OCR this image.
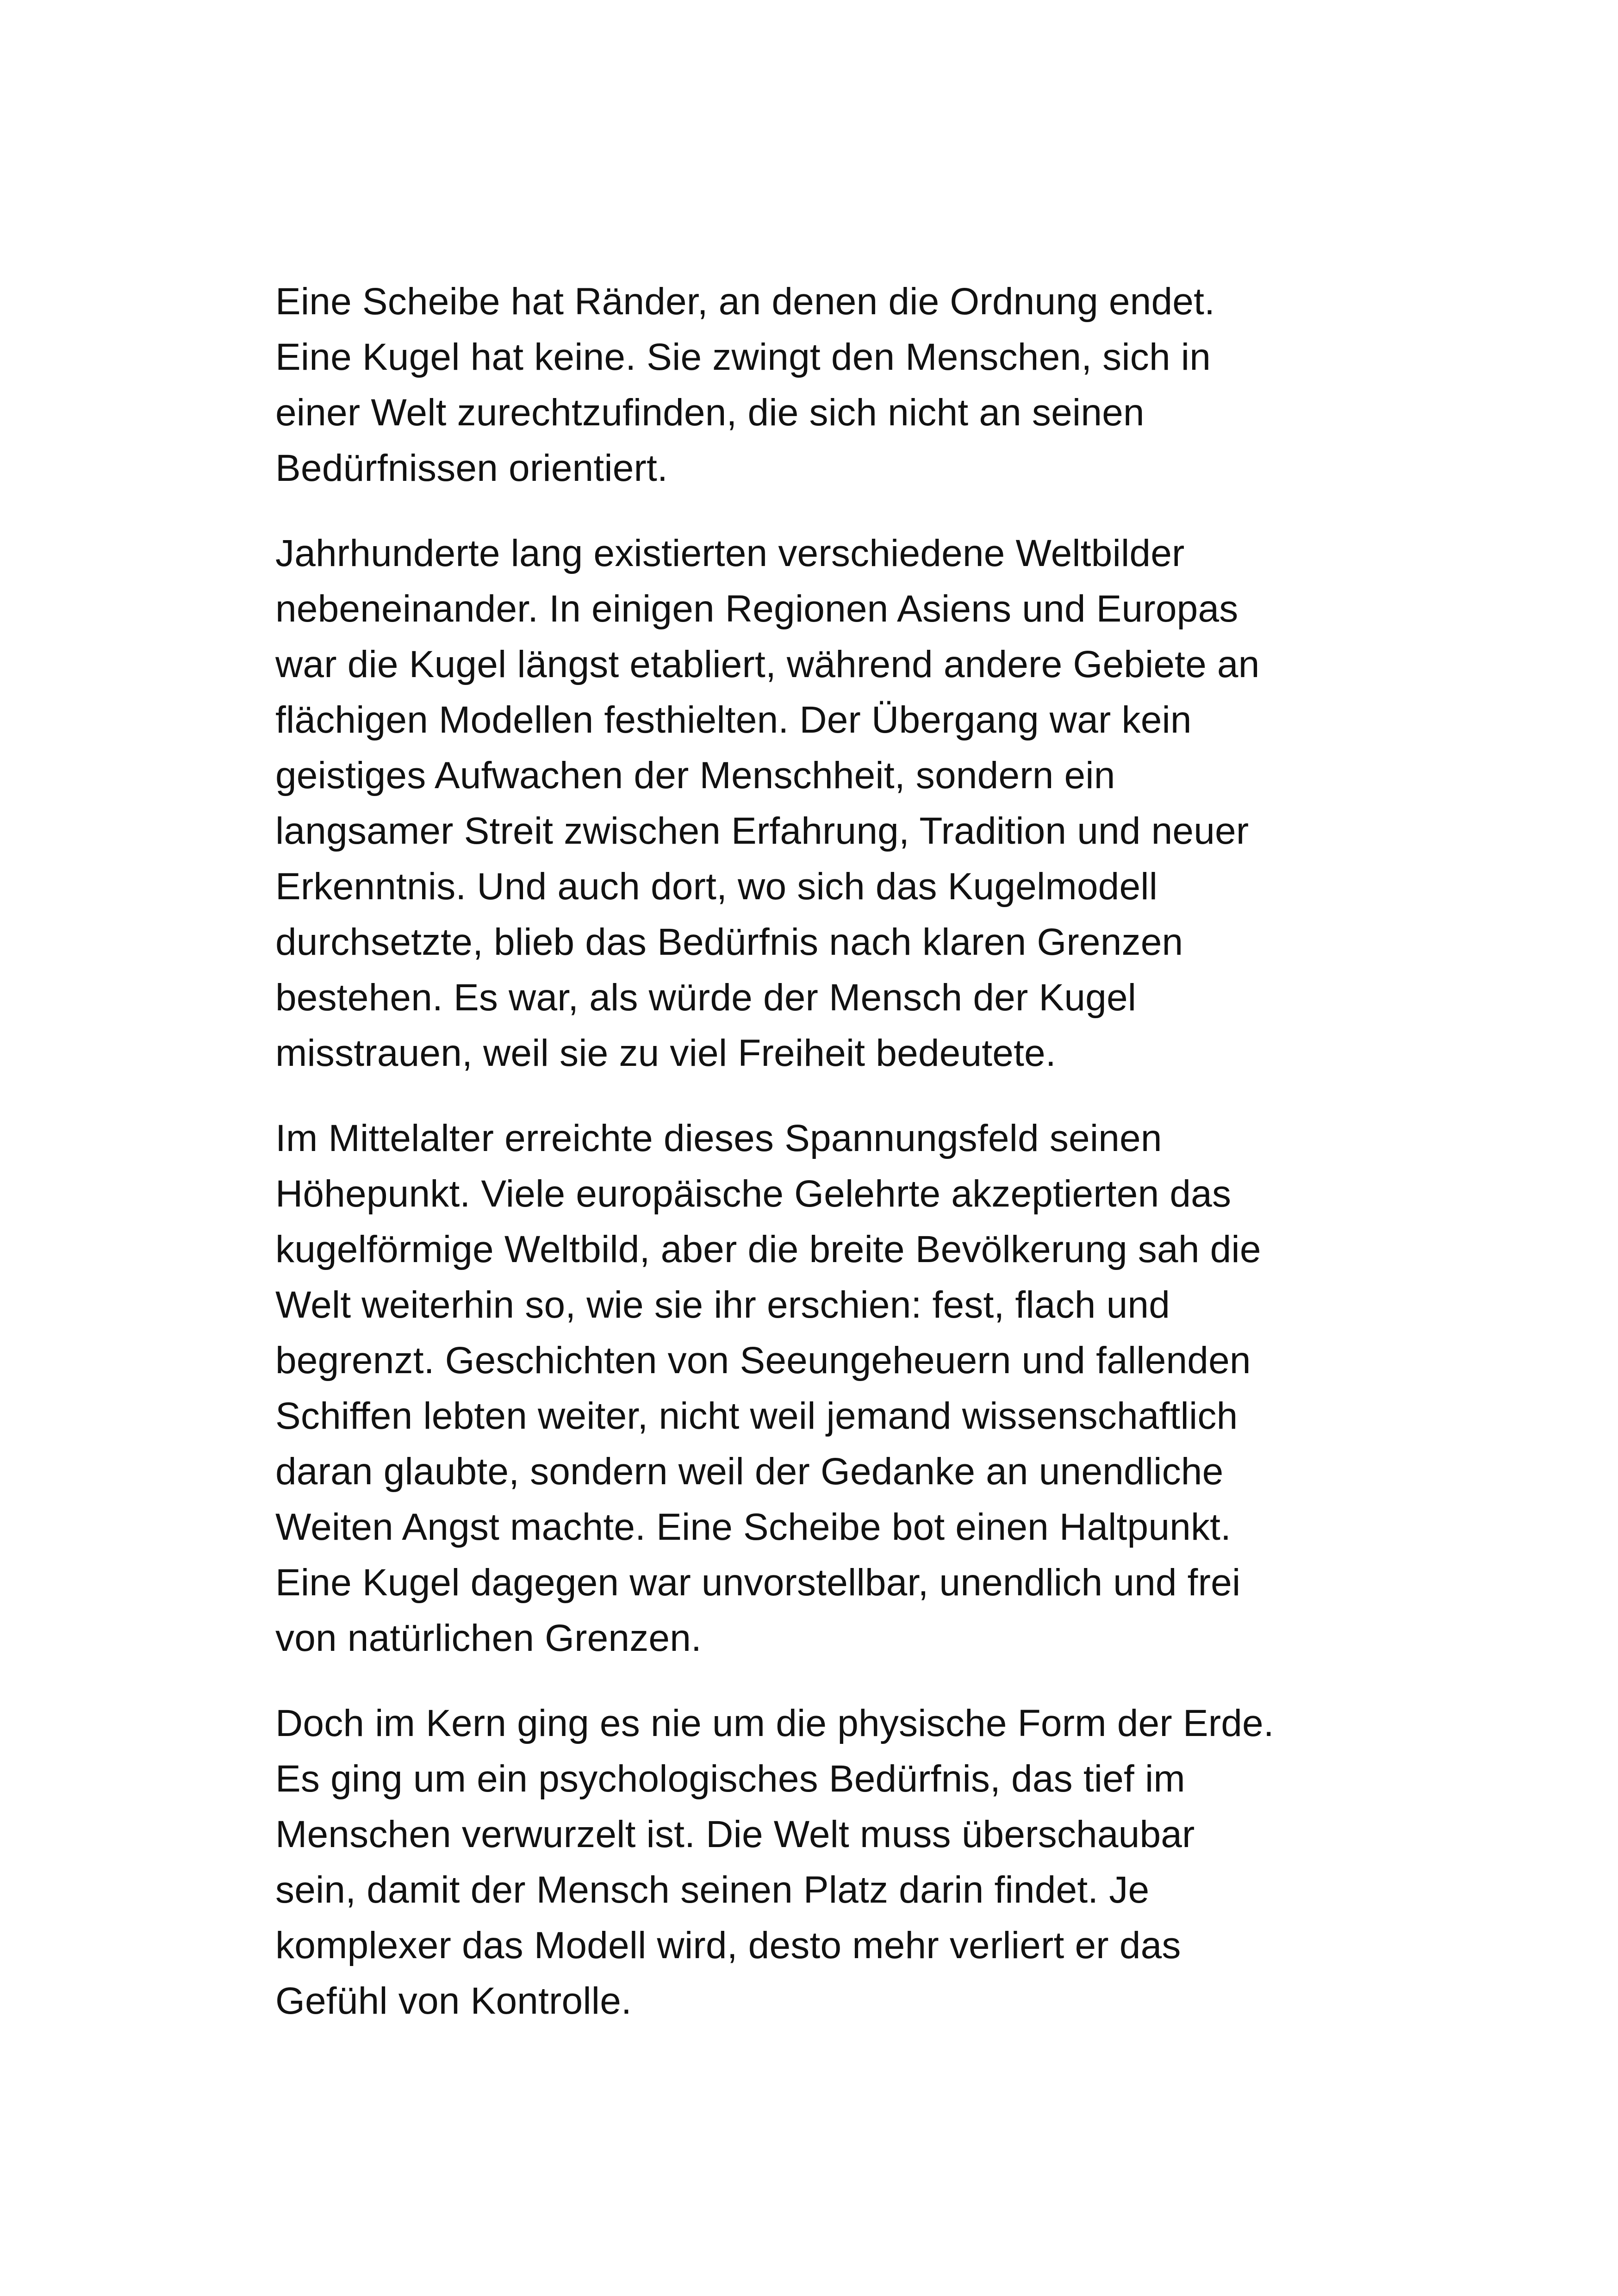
Eine Scheibe hat Ränder, an denen die Ordnung endet.
Eine Kugel hat keine. Sie zwingt den Menschen, sich in
einer Welt zurechtzufinden, die sich nicht an seinen
Bedürfnissen orientiert.

Jahrhunderte lang existierten verschiedene Weltbilder
nebeneinander. In einigen Regionen Asiens und Europas
war die Kugel längst etabliert, während andere Gebiete an
flächigen Modellen festhielten. Der Übergang war kein
geistiges Aufwachen der Menschheit, sondern ein
langsamer Streit zwischen Erfahrung, Tradition und neuer
Erkenntnis. Und auch dort, wo sich das Kugelmodell
durchsetzte, blieb das Bedürfnis nach klaren Grenzen
bestehen. Es war, als würde der Mensch der Kugel
misstrauen, weil sie zu viel Freiheit bedeutete.

Im Mittelalter erreichte dieses Spannungsfeld seinen
Höhepunkt. Viele europäische Gelehrte akzeptierten das
kugelförmige Weltbild, aber die breite Bevölkerung sah die
Welt weiterhin so, wie sie ihr erschien: fest, flach und
begrenzt. Geschichten von Seeungeheuern und fallenden
Schiffen lebten weiter, nicht weil jemand wissenschaftlich
daran glaubte, sondern weil der Gedanke an unendliche
Weiten Angst machte. Eine Scheibe bot einen Haltpunkt.
Eine Kugel dagegen war unvorstellbar, unendlich und frei
von natürlichen Grenzen.

Doch im Kern ging es nie um die physische Form der Erde.
Es ging um ein psychologisches Bedürfnis, das tief im
Menschen verwurzelt ist. Die Welt muss überschaubar
sein, damit der Mensch seinen Platz darin findet. Je
komplexer das Modell wird, desto mehr verliert er das
Gefühl von Kontrolle.
